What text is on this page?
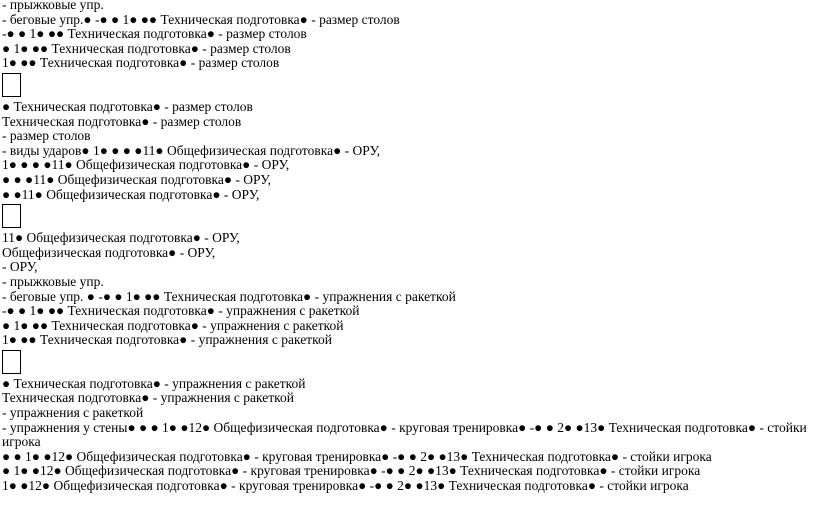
- прыжковые упр.
- беговые упр.● -● ● 1● ●● Техническая подготовка● - размер столов
-● ● 1● ●● Техническая подготовка● - размер столов
● 1● ●● Техническая подготовка● - размер столов
1● ●● Техническая подготовка● - размер столов
● Техническая подготовка● - размер столов
Техническая подготовка● - размер столов
- размер столов
- виды ударов● 1● ● ● ●11● Общефизическая подготовка● - ОРУ,
1● ● ● ●11● Общефизическая подготовка● - ОРУ,
● ● ●11● Общефизическая подготовка● - ОРУ,
● ●11● Общефизическая подготовка● - ОРУ,
11● Общефизическая подготовка● - ОРУ,
Общефизическая подготовка● - ОРУ,
- ОРУ,
- прыжковые упр.
- беговые упр. ● -● ● 1● ●● Техническая подготовка● - упражнения с ракеткой
-● ● 1● ●● Техническая подготовка● - упражнения с ракеткой
● 1● ●● Техническая подготовка● - упражнения с ракеткой
1● ●● Техническая подготовка● - упражнения с ракеткой
● Техническая подготовка● - упражнения с ракеткой
Техническая подготовка● - упражнения с ракеткой
- упражнения с ракеткой
- упражнения у стены● ● ● 1● ●12● Общефизическая подготовка● - круговая тренировка● -● ● 2● ●13● Техническая подготовка● - стойки
игрока
● ● 1● ●12● Общефизическая подготовка● - круговая тренировка● -● ● 2● ●13● Техническая подготовка● - стойки игрока
● 1● ●12● Общефизическая подготовка● - круговая тренировка● -● ● 2● ●13● Техническая подготовка● - стойки игрока
1● ●12● Общефизическая подготовка● - круговая тренировка● -● ● 2● ●13● Техническая подготовка● - стойки игрока
